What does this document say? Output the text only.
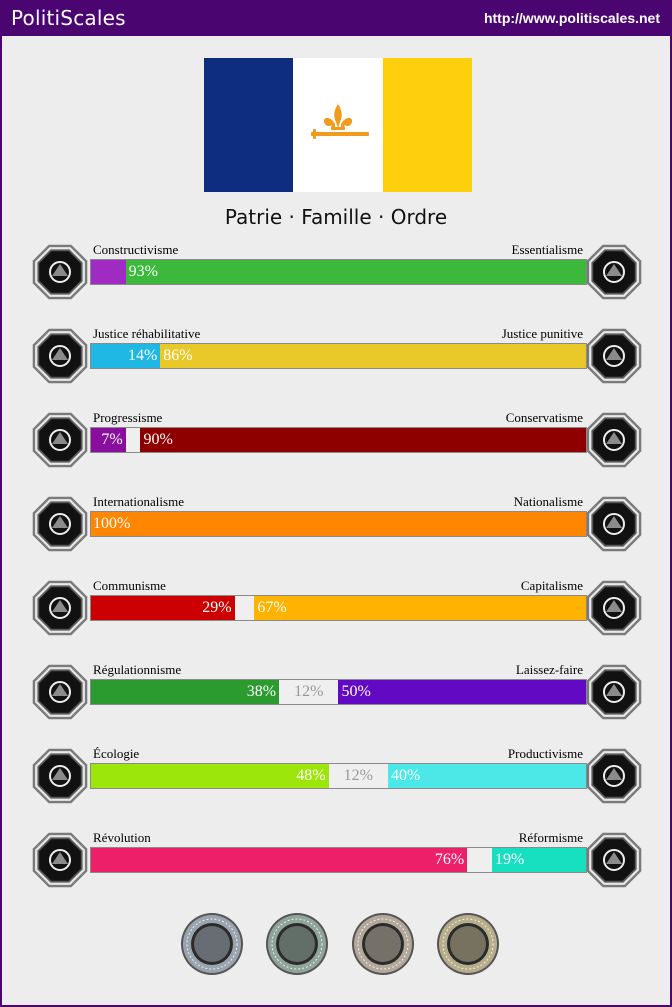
PolitiScales	http://www.politiscales.net
Patrie · Famille · Ordre
Constructivisme	Essentialisme
93%
Justice réhabilitative	Justice punitive
14% 86%
Progressisme	Conservatisme
7% 90%
Internationalisme	Nationalisme
100%
Communisme	Capitalisme
29% 67%
Régulationnisme	Laissez-faire
38%	12%	50%
Écologie	Productivisme
48%	12%	40%
Révolution	Réformisme
76% 19%
